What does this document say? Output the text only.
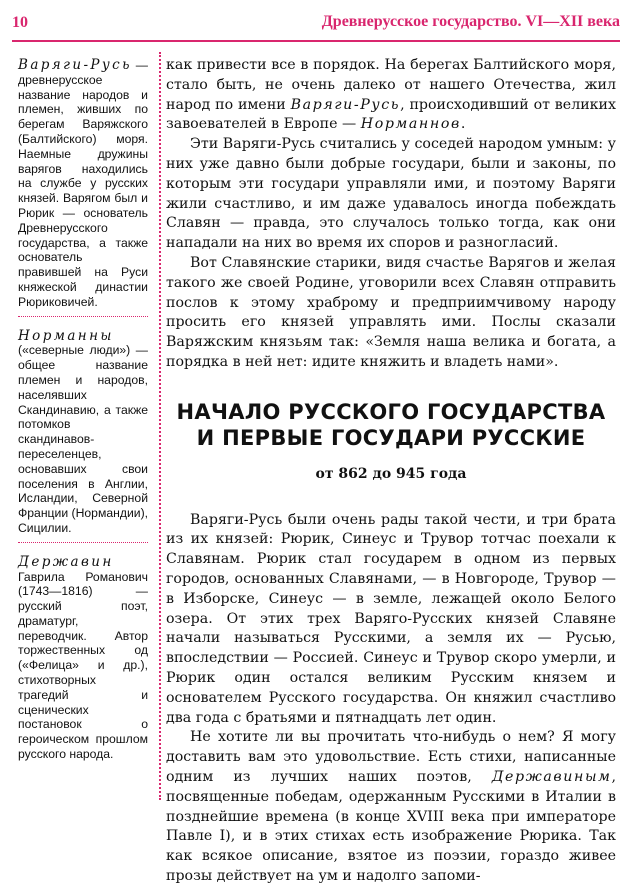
10	Древнерусское государство. VI—XII века
Варяги-Русь — древнерусское название народов и племен, живших по берегам Варяжского (Балтийского) моря. Наемные дружины варягов находились на службе у русских князей. Варягом был и Рюрик — основатель Древнерусского государства, а также основатель правившей на Руси княжеской династии Рюриковичей.
Норманны («северные люди») — общее название племен и народов, населявших Скандинавию, а также потомков скандинавов-переселенцев, основавших свои поселения в Англии, Исландии, Северной Франции (Нормандии), Сицилии.
Державин Гаврила Романович (1743—1816) — русский поэт, драматург, переводчик. Автор торжественных од («Фелица» и др.), стихотворных трагедий и сценических постановок о героическом прошлом русского народа.

как привести все в порядок. На берегах Балтийского моря, стало быть, не очень далеко от нашего Отечества, жил народ по имени Варяги-Русь, происходивший от великих завоевателей в Европе — Норманнов.

Эти Варяги-Русь считались у соседей народом умным: у них уже давно были добрые государи, были и законы, по которым эти государи управляли ими, и поэтому Варяги жили счастливо, и им даже удавалось иногда побеждать Славян — правда, это случалось только тогда, как они нападали на них во время их споров и разногласий.

Вот Славянские старики, видя счастье Варягов и желая такого же своей Родине, уговорили всех Славян отправить послов к этому храброму и предприимчивому народу просить его князей управлять ими. Послы сказали Варяжским князьям так: «Земля наша велика и богата, а порядка в ней нет: идите княжить и владеть нами».

НАЧАЛО РУССКОГО ГОСУДАРСТВА
И ПЕРВЫЕ ГОСУДАРИ РУССКИЕ
от 862 до 945 года

Варяги-Русь были очень рады такой чести, и три брата из их князей: Рюрик, Синеус и Трувор тотчас поехали к Славянам. Рюрик стал государем в одном из первых городов, основанных Славянами, — в Новгороде, Трувор — в Изборске, Синеус — в земле, лежащей около Белого озера. От этих трех Варяго-Русских князей Славяне начали называться Русскими, а земля их — Русью, впоследствии — Россией. Синеус и Трувор скоро умерли, и Рюрик один остался великим Русским князем и основателем Русского государства. Он княжил счастливо два года с братьями и пятнадцать лет один.

Не хотите ли вы прочитать что-нибудь о нем? Я могу доставить вам это удовольствие. Есть стихи, написанные одним из лучших наших поэтов, Державиным, посвященные победам, одержанным Русскими в Италии в позднейшие времена (в конце XVIII века при императоре Павле I), и в этих стихах есть изображение Рюрика. Так как всякое описание, взятое из поэзии, гораздо живее прозы действует на ум и надолго запоми-
